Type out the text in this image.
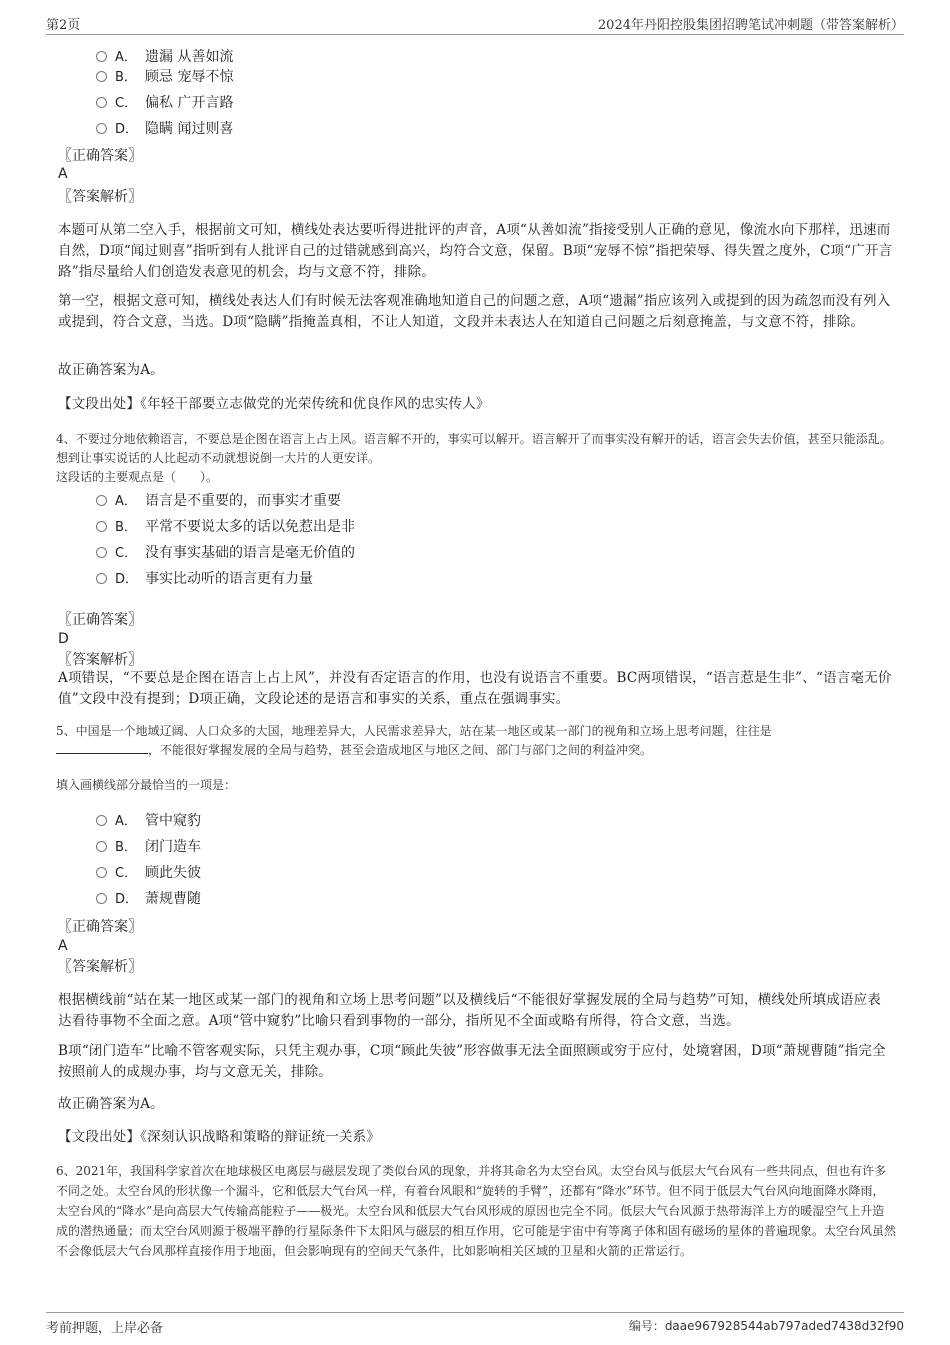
第2页	2024年丹阳控股集团招聘笔试冲刺题（带答案解析）
A． 遗漏 从善如流
B． 顾忌 宠辱不惊
C． 偏私 广开言路
D． 隐瞒 闻过则喜
〖正确答案〗
A
〖答案解析〗
本题可从第二空入手，根据前文可知，横线处表达要听得进批评的声音，A项“从善如流”指接受别人正确的意见，像流水向下那样，迅速而自然，D项“闻过则喜”指听到有人批评自己的过错就感到高兴，均符合文意，保留。B项“宠辱不惊”指把荣辱、得失置之度外，C项“广开言路”指尽量给人们创造发表意见的机会，均与文意不符，排除。
第一空，根据文意可知，横线处表达人们有时候无法客观准确地知道自己的问题之意，A项“遗漏”指应该列入或提到的因为疏忽而没有列入或提到，符合文意，当选。D项“隐瞒”指掩盖真相，不让人知道，文段并未表达人在知道自己问题之后刻意掩盖，与文意不符，排除。
故正确答案为A。
【文段出处】《年轻干部要立志做党的光荣传统和优良作风的忠实传人》
4、不要过分地依赖语言，不要总是企图在语言上占上风。语言解不开的，事实可以解开。语言解开了而事实没有解开的话，语言会失去价值，甚至只能添乱。想到让事实说话的人比起动不动就想说倒一大片的人更安详。
这段话的主要观点是（　　）。
A． 语言是不重要的，而事实才重要
B． 平常不要说太多的话以免惹出是非
C． 没有事实基础的语言是毫无价值的
D． 事实比动听的语言更有力量
〖正确答案〗
D
〖答案解析〗
A项错误，“不要总是企图在语言上占上风”，并没有否定语言的作用，也没有说语言不重要。BC两项错误，“语言惹是生非”、“语言毫无价值”文段中没有提到；D项正确，文段论述的是语言和事实的关系，重点在强调事实。
5、中国是一个地域辽阔、人口众多的大国，地理差异大，人民需求差异大，站在某一地区或某一部门的视角和立场上思考问题，往往是
，不能很好掌握发展的全局与趋势，甚至会造成地区与地区之间、部门与部门之间的利益冲突。
填入画横线部分最恰当的一项是：
A． 管中窥豹
B． 闭门造车
C． 顾此失彼
D． 萧规曹随
〖正确答案〗
A
〖答案解析〗
根据横线前“站在某一地区或某一部门的视角和立场上思考问题”以及横线后“不能很好掌握发展的全局与趋势”可知，横线处所填成语应表达看待事物不全面之意。A项“管中窥豹”比喻只看到事物的一部分，指所见不全面或略有所得，符合文意，当选。
B项“闭门造车”比喻不管客观实际，只凭主观办事，C项“顾此失彼”形容做事无法全面照顾或穷于应付，处境窘困，D项“萧规曹随”指完全按照前人的成规办事，均与文意无关，排除。
故正确答案为A。
【文段出处】《深刻认识战略和策略的辩证统一关系》
6、2021年，我国科学家首次在地球极区电离层与磁层发现了类似台风的现象，并将其命名为太空台风。太空台风与低层大气台风有一些共同点，但也有许多不同之处。太空台风的形状像一个漏斗，它和低层大气台风一样，有着台风眼和“旋转的手臂”，还都有“降水”环节。但不同于低层大气台风向地面降水降雨，太空台风的“降水”是向高层大气传输高能粒子——极光。太空台风和低层大气台风形成的原因也完全不同。低层大气台风源于热带海洋上方的暖湿空气上升造成的潜热通量；而太空台风则源于极端平静的行星际条件下太阳风与磁层的相互作用，它可能是宇宙中有等离子体和固有磁场的星体的普遍现象。太空台风虽然不会像低层大气台风那样直接作用于地面，但会影响现有的空间天气条件，比如影响相关区域的卫星和火箭的正常运行。
考前押题，上岸必备	编号：daae967928544ab797aded7438d32f90
